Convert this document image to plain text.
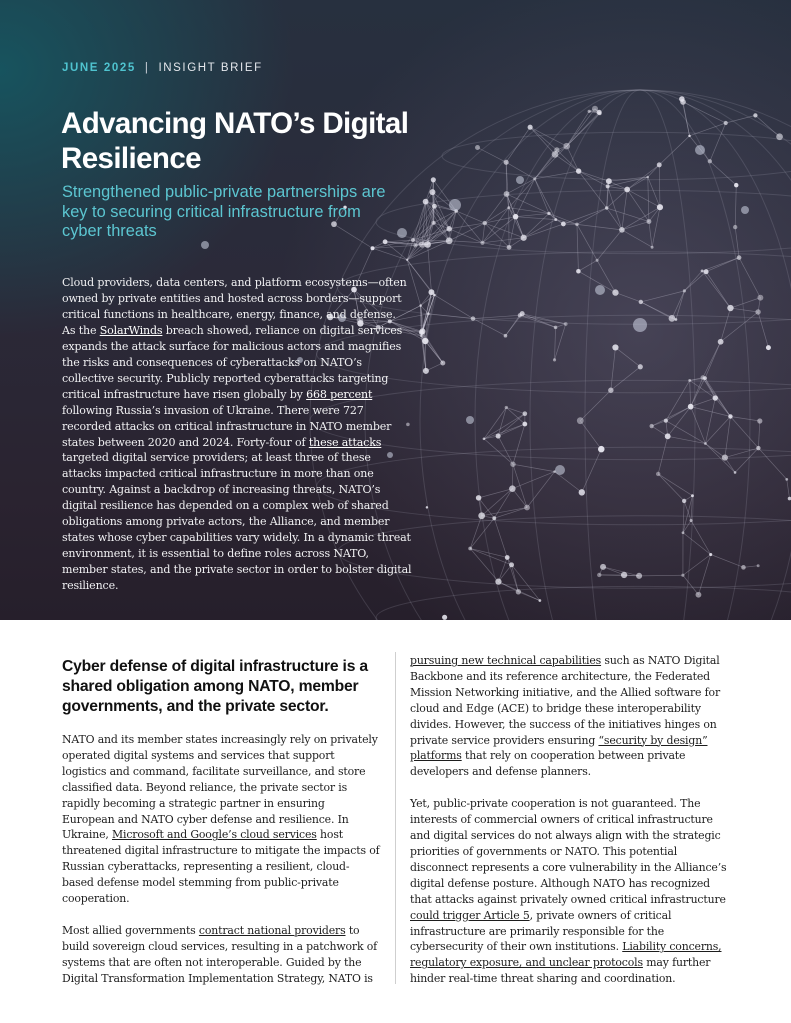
JUNE 2025 | INSIGHT BRIEF
Advancing NATO’s Digital Resilience
Strengthened public-private partnerships are key to securing critical infrastructure from cyber threats

Cloud providers, data centers, and platform ecosystems—often owned by private entities and hosted across borders—support critical functions in healthcare, energy, finance, and defense. As the SolarWinds breach showed, reliance on digital services expands the attack surface for malicious actors and magnifies the risks and consequences of cyberattacks on NATO’s collective security. Publicly reported cyberattacks targeting critical infrastructure have risen globally by 668 percent following Russia’s invasion of Ukraine. There were 727 recorded attacks on critical infrastructure in NATO member states between 2020 and 2024. Forty-four of these attacks targeted digital service providers; at least three of these attacks impacted critical infrastructure in more than one country. Against a backdrop of increasing threats, NATO’s digital resilience has depended on a complex web of shared obligations among private actors, the Alliance, and member states whose cyber capabilities vary widely. In a dynamic threat environment, it is essential to define roles across NATO, member states, and the private sector in order to bolster digital resilience.

Cyber defense of digital infrastructure is a shared obligation among NATO, member governments, and the private sector.

NATO and its member states increasingly rely on privately operated digital systems and services that support logistics and command, facilitate surveillance, and store classified data. Beyond reliance, the private sector is rapidly becoming a strategic partner in ensuring European and NATO cyber defense and resilience. In Ukraine, Microsoft and Google’s cloud services host threatened digital infrastructure to mitigate the impacts of Russian cyberattacks, representing a resilient, cloud-based defense model stemming from public-private cooperation.

Most allied governments contract national providers to build sovereign cloud services, resulting in a patchwork of systems that are often not interoperable. Guided by the Digital Transformation Implementation Strategy, NATO is

pursuing new technical capabilities such as NATO Digital Backbone and its reference architecture, the Federated Mission Networking initiative, and the Allied software for cloud and Edge (ACE) to bridge these interoperability divides. However, the success of the initiatives hinges on private service providers ensuring “security by design” platforms that rely on cooperation between private developers and defense planners.

Yet, public-private cooperation is not guaranteed. The interests of commercial owners of critical infrastructure and digital services do not always align with the strategic priorities of governments or NATO. This potential disconnect represents a core vulnerability in the Alliance’s digital defense posture. Although NATO has recognized that attacks against privately owned critical infrastructure could trigger Article 5, private owners of critical infrastructure are primarily responsible for the cybersecurity of their own institutions. Liability concerns, regulatory exposure, and unclear protocols may further hinder real-time threat sharing and coordination.
